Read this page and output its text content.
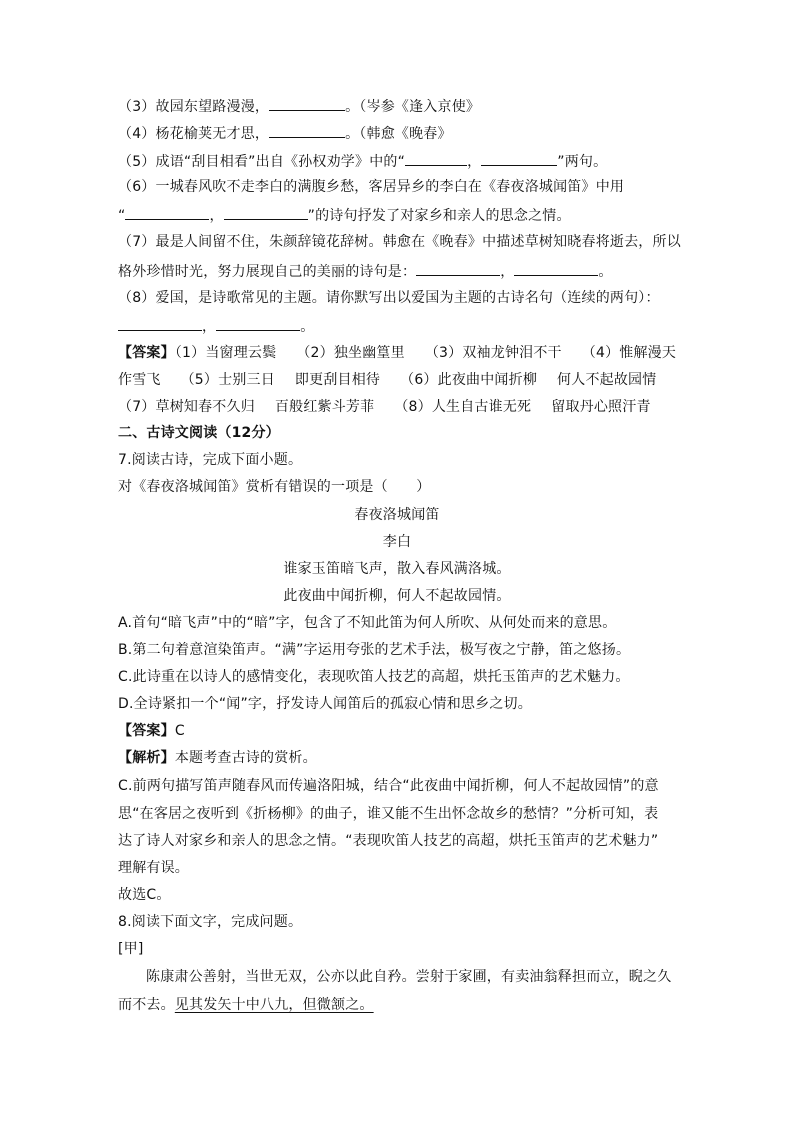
（3）故园东望路漫漫，	。（岑参《逢入京使》
（4）杨花榆荚无才思，	。（韩愈《晚春》
（5）成语“刮目相看”出自《孙权劝学》中的“	，	”两句。
（6）一城春风吹不走李白的满腹乡愁，客居异乡的李白在《春夜洛城闻笛》中用
“	，	”的诗句抒发了对家乡和亲人的思念之情。
（7）最是人间留不住，朱颜辞镜花辞树。韩愈在《晚春》中描述草树知晓春将逝去，所以
格外珍惜时光，努力展现自己的美丽的诗句是：	，	。
（8）爱国，是诗歌常见的主题。请你默写出以爱国为主题的古诗名句（连续的两句）：
，	。
【答案】（1）当窗理云鬓 （2）独坐幽篁里 （3）双袖龙钟泪不干 （4）惟解漫天
作雪飞 （5）士别三日 即更刮目相待 （6）此夜曲中闻折柳 何人不起故园情
（7）草树知春不久归 百般红紫斗芳菲 （8）人生自古谁无死 留取丹心照汗青
二、古诗文阅读（12分）
7.阅读古诗，完成下面小题。
对《春夜洛城闻笛》赏析有错误的一项是（　　）
春夜洛城闻笛
李白
谁家玉笛暗飞声，散入春风满洛城。
此夜曲中闻折柳，何人不起故园情。
A.首句“暗飞声”中的“暗”字，包含了不知此笛为何人所吹、从何处而来的意思。
B.第二句着意渲染笛声。“满”字运用夸张的艺术手法，极写夜之宁静，笛之悠扬。
C.此诗重在以诗人的感情变化，表现吹笛人技艺的高超，烘托玉笛声的艺术魅力。
D.全诗紧扣一个“闻”字，抒发诗人闻笛后的孤寂心情和思乡之切。
【答案】C
【解析】本题考查古诗的赏析。
C.前两句描写笛声随春风而传遍洛阳城，结合“此夜曲中闻折柳，何人不起故园情”的意
思“在客居之夜听到《折杨柳》的曲子，谁又能不生出怀念故乡的愁情？”分析可知，表
达了诗人对家乡和亲人的思念之情。“表现吹笛人技艺的高超，烘托玉笛声的艺术魅力”
理解有误。
故选C。
8.阅读下面文字，完成问题。
[甲]
陈康肃公善射，当世无双，公亦以此自矜。尝射于家圃，有卖油翁释担而立，睨之久
而不去。见其发矢十中八九，但微颔之。
